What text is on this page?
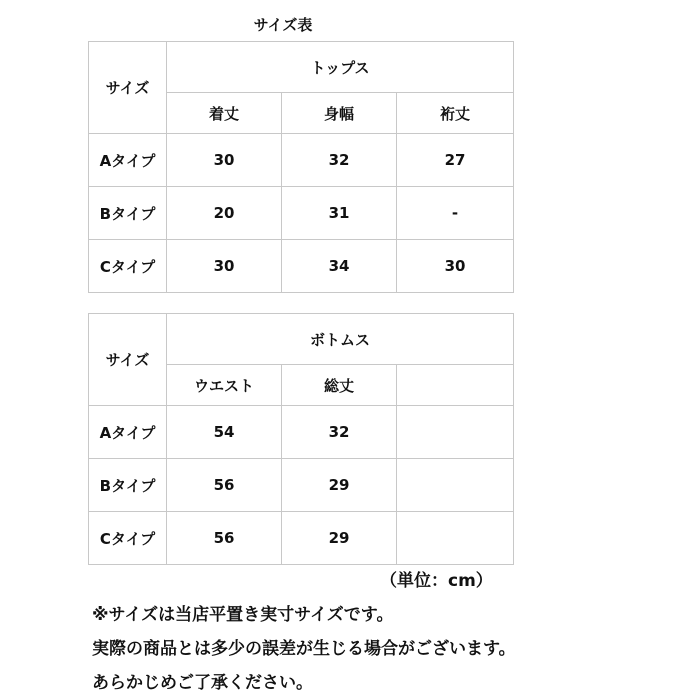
サイズ表
サイズ	トップス		
	着丈	身幅	裄丈
Aタイプ	30	32	27
Bタイプ	20	31	-
Cタイプ	30	34	30
サイズ	ボトムス		
	ウエスト	総丈	
Aタイプ	54	32	
Bタイプ	56	29	
Cタイプ	56	29	
（単位：cm）
※サイズは当店平置き実寸サイズです。
実際の商品とは多少の誤差が生じる場合がございます。
あらかじめご了承ください。
